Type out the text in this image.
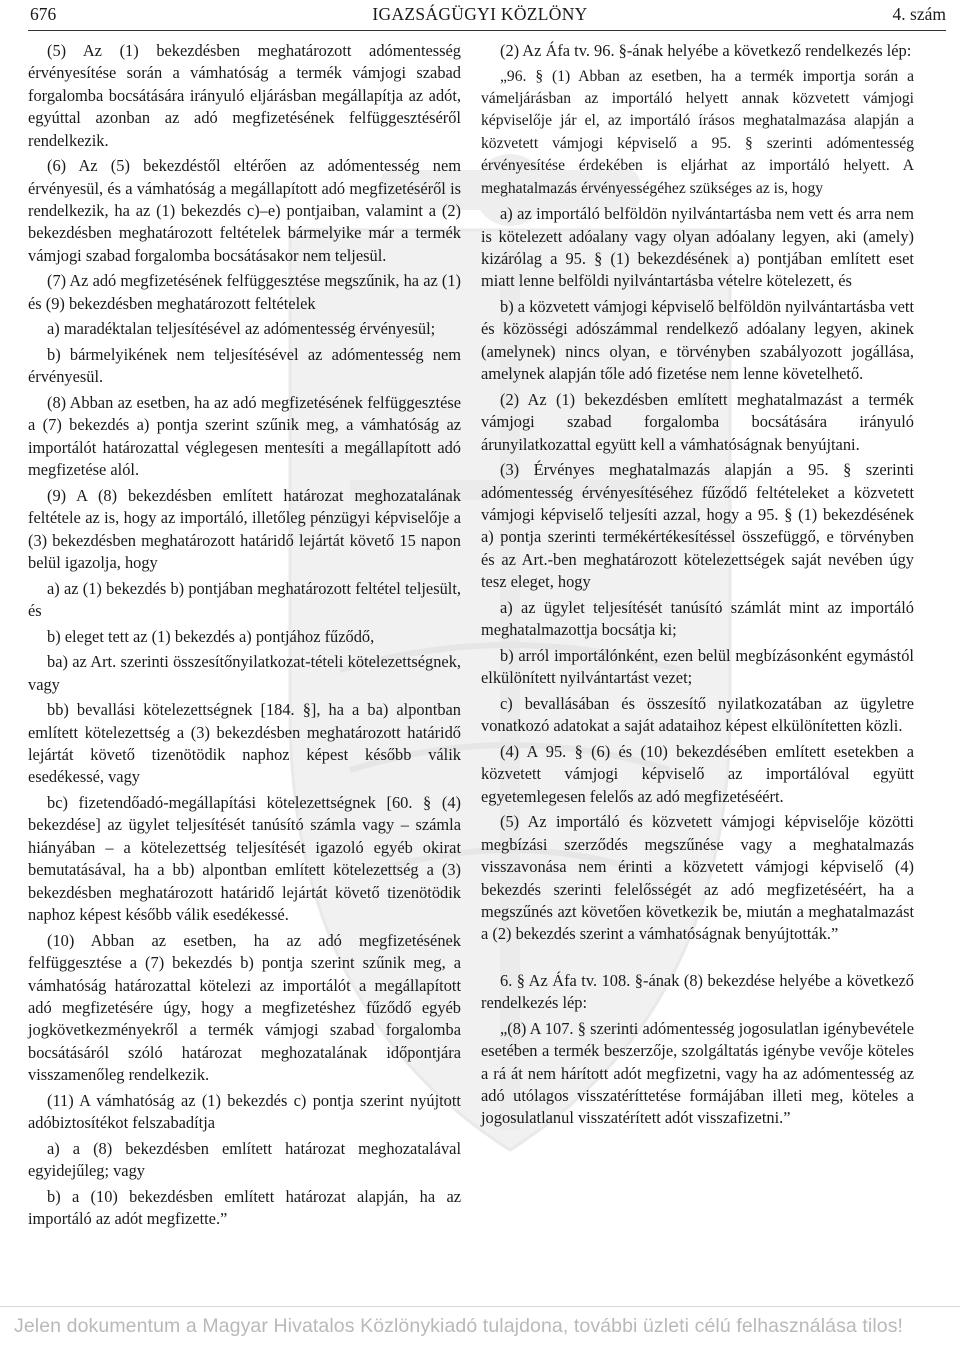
676	IGAZSÁGÜGYI KÖZLÖNY	4. szám

(5) Az (1) bekezdésben meghatározott adómentesség érvényesítése során a vámhatóság a termék vámjogi szabad forgalomba bocsátására irányuló eljárásban megállapítja az adót, egyúttal azonban az adó megfizetésének felfüggesztéséről rendelkezik.

(6) Az (5) bekezdéstől eltérően az adómentesség nem érvényesül, és a vámhatóság a megállapított adó megfizetéséről is rendelkezik, ha az (1) bekezdés c)–e) pontjaiban, valamint a (2) bekezdésben meghatározott feltételek bármelyike már a termék vámjogi szabad forgalomba bocsátásakor nem teljesül.

(7) Az adó megfizetésének felfüggesztése megszűnik, ha az (1) és (9) bekezdésben meghatározott feltételek

a) maradéktalan teljesítésével az adómentesség érvényesül;

b) bármelyikének nem teljesítésével az adómentesség nem érvényesül.

(8) Abban az esetben, ha az adó megfizetésének felfüggesztése a (7) bekezdés a) pontja szerint szűnik meg, a vámhatóság az importálót határozattal véglegesen mentesíti a megállapított adó megfizetése alól.

(9) A (8) bekezdésben említett határozat meghozatalának feltétele az is, hogy az importáló, illetőleg pénzügyi képviselője a (3) bekezdésben meghatározott határidő lejártát követő 15 napon belül igazolja, hogy

a) az (1) bekezdés b) pontjában meghatározott feltétel teljesült, és

b) eleget tett az (1) bekezdés a) pontjához fűződő,

ba) az Art. szerinti összesítőnyilatkozat-tételi kötelezettségnek, vagy

bb) bevallási kötelezettségnek [184. §], ha a ba) alpontban említett kötelezettség a (3) bekezdésben meghatározott határidő lejártát követő tizenötödik naphoz képest később válik esedékessé, vagy

bc) fizetendőadó-megállapítási kötelezettségnek [60. § (4) bekezdése] az ügylet teljesítését tanúsító számla vagy – számla hiányában – a kötelezettség teljesítését igazoló egyéb okirat bemutatásával, ha a bb) alpontban említett kötelezettség a (3) bekezdésben meghatározott határidő lejártát követő tizenötödik naphoz képest később válik esedékessé.

(10) Abban az esetben, ha az adó megfizetésének felfüggesztése a (7) bekezdés b) pontja szerint szűnik meg, a vámhatóság határozattal kötelezi az importálót a megállapított adó megfizetésére úgy, hogy a megfizetéshez fűződő egyéb jogkövetkezményekről a termék vámjogi szabad forgalomba bocsátásáról szóló határozat meghozatalának időpontjára visszamenőleg rendelkezik.

(11) A vámhatóság az (1) bekezdés c) pontja szerint nyújtott adóbiztosítékot felszabadítja

a) a (8) bekezdésben említett határozat meghozatalával egyidejűleg; vagy

b) a (10) bekezdésben említett határozat alapján, ha az importáló az adót megfizette.”

(2) Az Áfa tv. 96. §-ának helyébe a következő rendelkezés lép:

„96. § (1) Abban az esetben, ha a termék importja során a vámeljárásban az importáló helyett annak közvetett vámjogi képviselője jár el, az importáló írásos meghatalmazása alapján a közvetett vámjogi képviselő a 95. § szerinti adómentesség érvényesítése érdekében is eljárhat az importáló helyett. A meghatalmazás érvényességéhez szükséges az is, hogy

a) az importáló belföldön nyilvántartásba nem vett és arra nem is kötelezett adóalany vagy olyan adóalany legyen, aki (amely) kizárólag a 95. § (1) bekezdésének a) pontjában említett eset miatt lenne belföldi nyilvántartásba vételre kötelezett, és

b) a közvetett vámjogi képviselő belföldön nyilvántartásba vett és közösségi adószámmal rendelkező adóalany legyen, akinek (amelynek) nincs olyan, e törvényben szabályozott jogállása, amelynek alapján tőle adó fizetése nem lenne követelhető.

(2) Az (1) bekezdésben említett meghatalmazást a termék vámjogi szabad forgalomba bocsátására irányuló árunyilatkozattal együtt kell a vámhatóságnak benyújtani.

(3) Érvényes meghatalmazás alapján a 95. § szerinti adómentesség érvényesítéséhez fűződő feltételeket a közvetett vámjogi képviselő teljesíti azzal, hogy a 95. § (1) bekezdésének a) pontja szerinti termékértékesítéssel összefüggő, e törvényben és az Art.-ben meghatározott kötelezettségek saját nevében úgy tesz eleget, hogy

a) az ügylet teljesítését tanúsító számlát mint az importáló meghatalmazottja bocsátja ki;

b) arról importálónként, ezen belül megbízásonként egymástól elkülönített nyilvántartást vezet;

c) bevallásában és összesítő nyilatkozatában az ügyletre vonatkozó adatokat a saját adataihoz képest elkülönítetten közli.

(4) A 95. § (6) és (10) bekezdésében említett esetekben a közvetett vámjogi képviselő az importálóval együtt egyetemlegesen felelős az adó megfizetéséért.

(5) Az importáló és közvetett vámjogi képviselője közötti megbízási szerződés megszűnése vagy a meghatalmazás visszavonása nem érinti a közvetett vámjogi képviselő (4) bekezdés szerinti felelősségét az adó megfizetéséért, ha a megszűnés azt követően következik be, miután a meghatalmazást a (2) bekezdés szerint a vámhatóságnak benyújtották.”

6. § Az Áfa tv. 108. §-ának (8) bekezdése helyébe a következő rendelkezés lép:

„(8) A 107. § szerinti adómentesség jogosulatlan igénybevétele esetében a termék beszerzője, szolgáltatás igénybe vevője köteles a rá át nem hárított adót megfizetni, vagy ha az adómentesség az adó utólagos visszatéríttetése formájában illeti meg, köteles a jogosulatlanul visszatérített adót visszafizetni.”

Jelen dokumentum a Magyar Hivatalos Közlönykiadó tulajdona, további üzleti célú felhasználása tilos!
